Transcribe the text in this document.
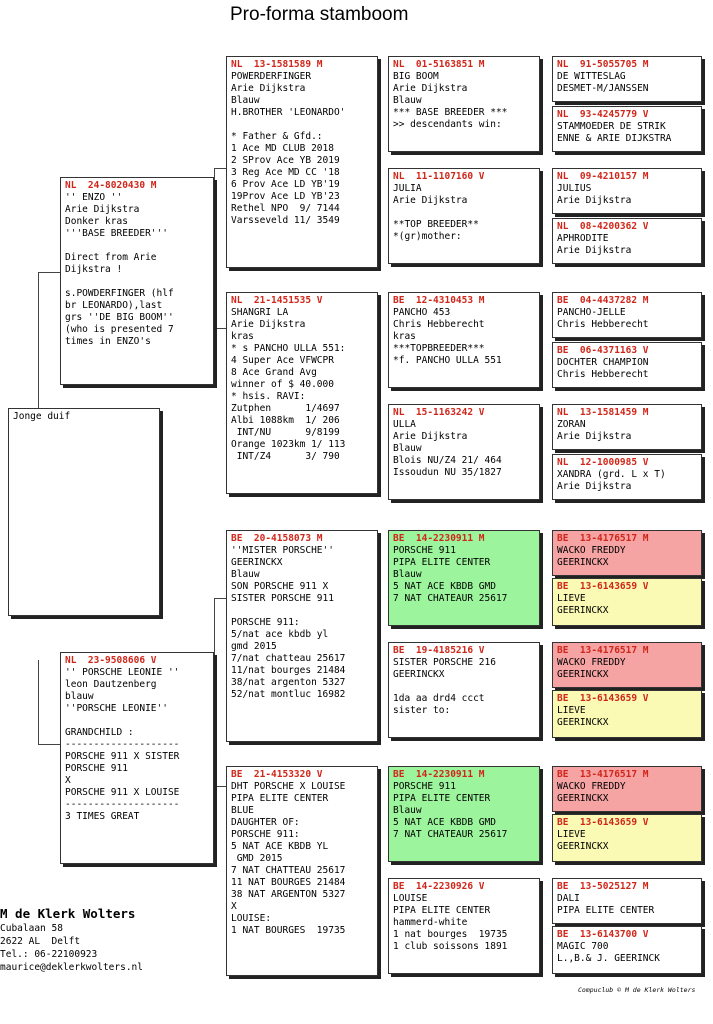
Pro-forma stamboom
Jonge duif
NL  24-8020430 M
'' ENZO ''
Arie Dijkstra
Donker kras
'''BASE BREEDER'''
Direct from Arie
Dijkstra !
s.POWDERFINGER (hlf
br LEONARDO),last
grs ''DE BIG BOOM''
(who is presented 7
times in ENZO's
NL  23-9508606 V
'' PORSCHE LEONIE ''
leon Dautzenberg
blauw
''PORSCHE LEONIE''
GRANDCHILD :
--------------------
PORSCHE 911 X SISTER
PORSCHE 911
X
PORSCHE 911 X LOUISE
--------------------
3 TIMES GREAT
NL  13-1581589 M
POWERDERFINGER
Arie Dijkstra
Blauw
H.BROTHER 'LEONARDO'
* Father & Gfd.:
1 Ace MD CLUB 2018
2 SProv Ace YB 2019
3 Reg Ace MD CC '18
6 Prov Ace LD YB'19
19Prov Ace LD YB'23
Rethel NPO  9/ 7144
Varsseveld 11/ 3549
NL  21-1451535 V
SHANGRI LA
Arie Dijkstra
kras
* s PANCHO ULLA 551:
4 Super Ace VFWCPR
8 Ace Grand Avg
winner of $ 40.000
* hsis. RAVI:
Zutphen      1/4697
Albi 1088km  1/ 206
INT/NU      9/8199
Orange 1023km 1/ 113
INT/Z4      3/ 790
BE  20-4158073 M
''MISTER PORSCHE''
GEERINCKX
Blauw
SON PORSCHE 911 X
SISTER PORSCHE 911
PORSCHE 911:
5/nat ace kbdb yl
gmd 2015
7/nat chatteau 25617
11/nat bourges 21484
38/nat argenton 5327
52/nat montluc 16982
BE  21-4153320 V
DHT PORSCHE X LOUISE
PIPA ELITE CENTER
BLUE
DAUGHTER OF:
PORSCHE 911:
5 NAT ACE KBDB YL
GMD 2015
7 NAT CHATTEAU 25617
11 NAT BOURGES 21484
38 NAT ARGENTON 5327
X
LOUISE:
1 NAT BOURGES  19735
NL  01-5163851 M
BIG BOOM
Arie Dijkstra
Blauw
*** BASE BREEDER ***
>> descendants win:
NL  11-1107160 V
JULIA
Arie Dijkstra
**TOP BREEDER**
*(gr)mother:
BE  12-4310453 M
PANCHO 453
Chris Hebberecht
kras
***TOPBREEDER***
*f. PANCHO ULLA 551
NL  15-1163242 V
ULLA
Arie Dijkstra
Blauw
Blois NU/Z4 21/ 464
Issoudun NU 35/1827
BE  14-2230911 M
PORSCHE 911
PIPA ELITE CENTER
Blauw
5 NAT ACE KBDB GMD
7 NAT CHATEAUR 25617
BE  19-4185216 V
SISTER PORSCHE 216
GEERINCKX
1da aa drd4 ccct
sister to:
BE  14-2230911 M
PORSCHE 911
PIPA ELITE CENTER
Blauw
5 NAT ACE KBDB GMD
7 NAT CHATEAUR 25617
BE  14-2230926 V
LOUISE
PIPA ELITE CENTER
hammerd-white
1 nat bourges  19735
1 club soissons 1891
NL  91-5055705 M
DE WITTESLAG
DESMET-M/JANSSEN
NL  93-4245779 V
STAMMOEDER DE STRIK
ENNE & ARIE DIJKSTRA
NL  09-4210157 M
JULIUS
Arie Dijkstra
NL  08-4200362 V
APHRODITE
Arie Dijkstra
BE  04-4437282 M
PANCHO-JELLE
Chris Hebberecht
BE  06-4371163 V
DOCHTER CHAMPION
Chris Hebberecht
NL  13-1581459 M
ZORAN
Arie Dijkstra
NL  12-1000985 V
XANDRA (grd. L x T)
Arie Dijkstra
BE  13-4176517 M
WACKO FREDDY
GEERINCKX
BE  13-6143659 V
LIEVE
GEERINCKX
BE  13-4176517 M
WACKO FREDDY
GEERINCKX
BE  13-6143659 V
LIEVE
GEERINCKX
BE  13-4176517 M
WACKO FREDDY
GEERINCKX
BE  13-6143659 V
LIEVE
GEERINCKX
BE  13-5025127 M
DALI
PIPA ELITE CENTER
BE  13-6143700 V
MAGIC 700
L.,B.& J. GEERINCK
M de Klerk Wolters
Cubalaan 58
2622 AL  Delft
Tel.: 06-22100923
maurice@deklerkwolters.nl
Compuclub © M de Klerk Wolters
